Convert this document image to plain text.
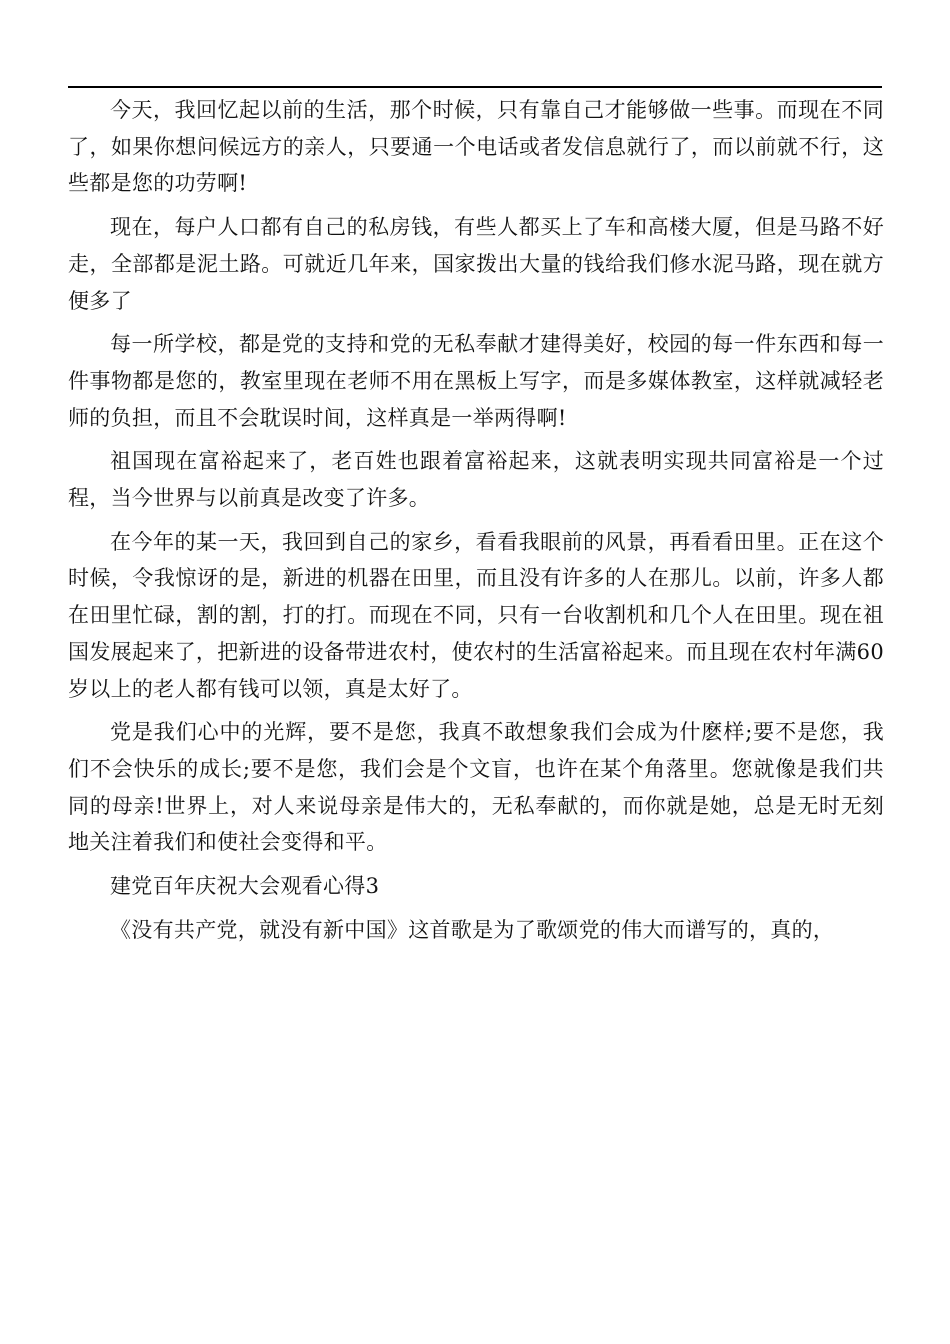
今天，我回忆起以前的生活，那个时候，只有靠自己才能够做一些事。而现在不同了，如果你想问候远方的亲人，只要通一个电话或者发信息就行了，而以前就不行，这些都是您的功劳啊!

现在，每户人口都有自己的私房钱，有些人都买上了车和高楼大厦，但是马路不好走，全部都是泥土路。可就近几年来，国家拨出大量的钱给我们修水泥马路，现在就方便多了

每一所学校，都是党的支持和党的无私奉献才建得美好，校园的每一件东西和每一件事物都是您的，教室里现在老师不用在黑板上写字，而是多媒体教室，这样就减轻老师的负担，而且不会耽误时间，这样真是一举两得啊!

祖国现在富裕起来了，老百姓也跟着富裕起来，这就表明实现共同富裕是一个过程，当今世界与以前真是改变了许多。

在今年的某一天，我回到自己的家乡，看看我眼前的风景，再看看田里。正在这个时候，令我惊讶的是，新进的机器在田里，而且没有许多的人在那儿。以前，许多人都在田里忙碌，割的割，打的打。而现在不同，只有一台收割机和几个人在田里。现在祖国发展起来了，把新进的设备带进农村，使农村的生活富裕起来。而且现在农村年满60岁以上的老人都有钱可以领，真是太好了。

党是我们心中的光辉，要不是您，我真不敢想象我们会成为什麽样;要不是您，我们不会快乐的成长;要不是您，我们会是个文盲，也许在某个角落里。您就像是我们共同的母亲!世界上，对人来说母亲是伟大的，无私奉献的，而你就是她，总是无时无刻地关注着我们和使社会变得和平。

建党百年庆祝大会观看心得3

《没有共产党，就没有新中国》这首歌是为了歌颂党的伟大而谱写的，真的，
